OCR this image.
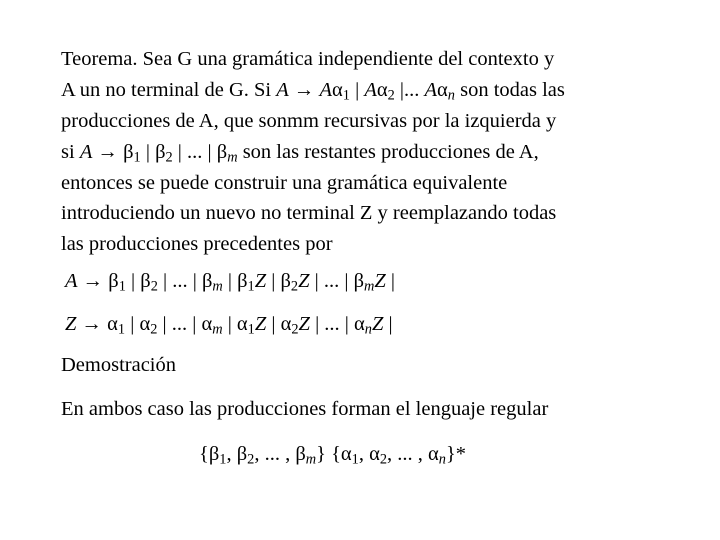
Teorema. Sea G una gramática independiente del contexto y
A un no terminal de G. Si $A \to A\alpha_1$ | $A\alpha_2$ |... $A\alpha_n$ son todas las
producciones de A, que sonmm recursivas por la izquierda y
si $A \to \beta_1$ | $\beta_2$ | ... | $\beta_m$ son las restantes producciones de A,
entonces se puede construir una gramática equivalente
introduciendo un nuevo no terminal Z y reemplazando todas
las producciones precedentes por
$A \to \beta_1$ | $\beta_2$ | ... | $\beta_m$ | $\beta_1Z$ | $\beta_2Z$ | ... | $\beta_mZ$ |
$Z \to \alpha_1$ | $\alpha_2$ | ... | $\alpha_m$ | $\alpha_1Z$ | $\alpha_2Z$ | ... | $\alpha_nZ$ |
Demostración
En ambos caso las producciones forman el lenguaje regular
{$\beta_1$, $\beta_2$, ... , $\beta_m$} {$\alpha_1$, $\alpha_2$, ... , $\alpha_n\}*$
